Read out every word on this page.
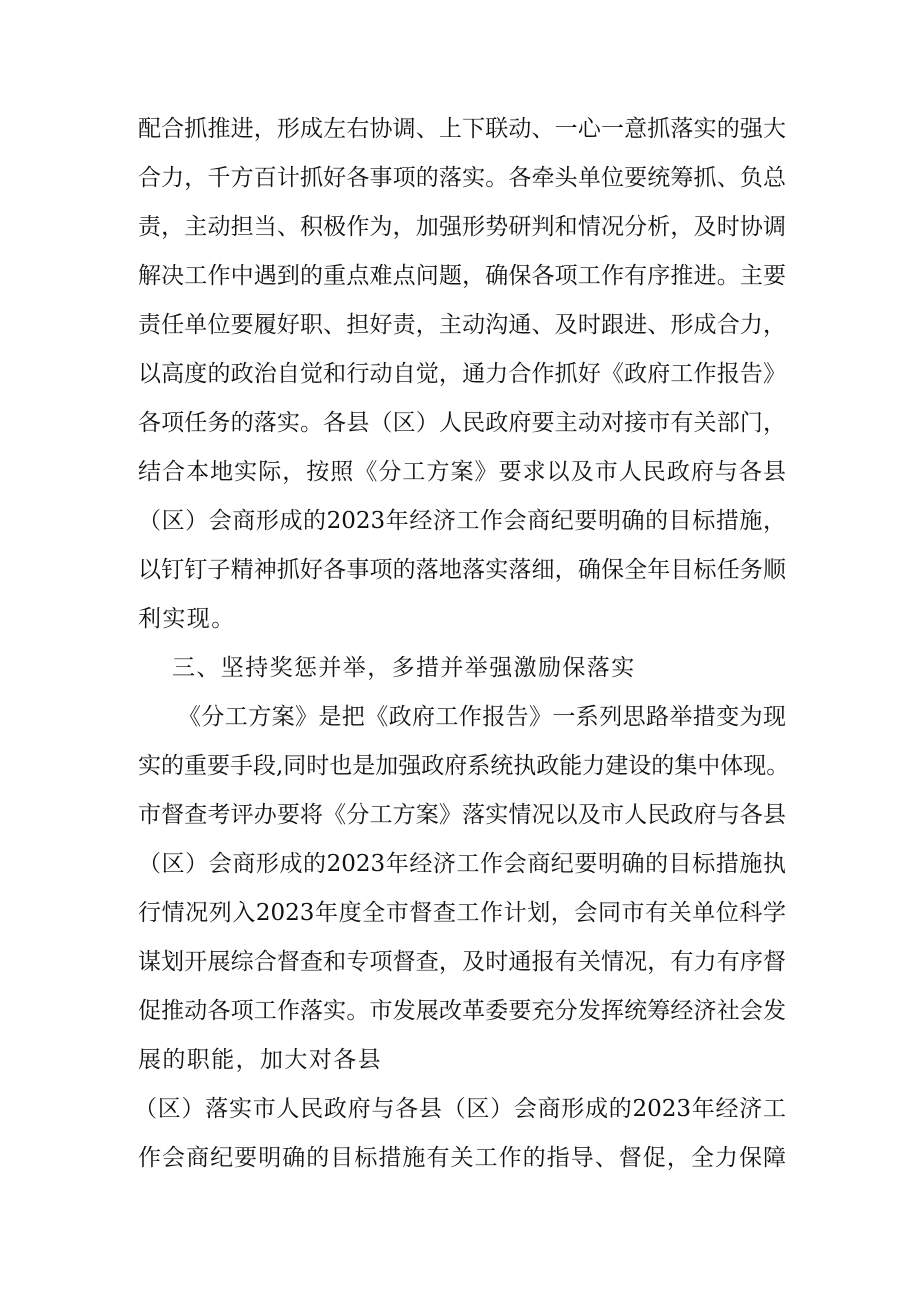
配合抓推进，形成左右协调、上下联动、一心一意抓落实的强大
合力，千方百计抓好各事项的落实。各牵头单位要统筹抓、负总
责，主动担当、积极作为，加强形势研判和情况分析，及时协调
解决工作中遇到的重点难点问题，确保各项工作有序推进。主要
责任单位要履好职、担好责，主动沟通、及时跟进、形成合力，
以高度的政治自觉和行动自觉，通力合作抓好《政府工作报告》
各项任务的落实。各县（区）人民政府要主动对接市有关部门，
结合本地实际，按照《分工方案》要求以及市人民政府与各县
（区）会商形成的2023年经济工作会商纪要明确的目标措施，
以钉钉子精神抓好各事项的落地落实落细，确保全年目标任务顺
利实现。
三、坚持奖惩并举，多措并举强激励保落实
《分工方案》是把《政府工作报告》一系列思路举措变为现
实的重要手段,同时也是加强政府系统执政能力建设的集中体现。
市督查考评办要将《分工方案》落实情况以及市人民政府与各县
（区）会商形成的2023年经济工作会商纪要明确的目标措施执
行情况列入2023年度全市督查工作计划，会同市有关单位科学
谋划开展综合督查和专项督查，及时通报有关情况，有力有序督
促推动各项工作落实。市发展改革委要充分发挥统筹经济社会发
展的职能，加大对各县
（区）落实市人民政府与各县（区）会商形成的2023年经济工
作会商纪要明确的目标措施有关工作的指导、督促，全力保障
